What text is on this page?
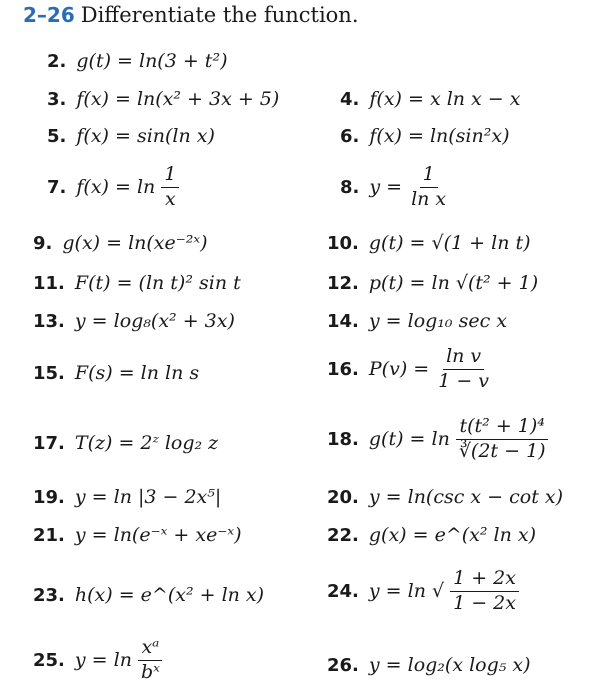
2–26 Differentiate the function.
2. g(t) = ln(3 + t²)
3. f(x) = ln(x² + 3x + 5)
5. f(x) = sin(ln x)
7. $f(x) = \ln \frac{1}{x}$
9. g(x) = ln(xe⁻²ˣ)
11. F(t) = (ln t)² sin t
13. y = log₈(x² + 3x)
15. F(s) = ln ln s
17. T(z) = 2ᶻ log₂ z
19. y = ln |3 − 2x⁵|
21. y = ln(e⁻ˣ + xe⁻ˣ)
23. h(x) = e^(x² + ln x)
25. $y = \ln \frac{\text{xᵃ}}{\text{bˣ}}$
4. f(x) = x ln x − x
6. f(x) = ln(sin²x)
8. $y = \frac{1}{\text{ln x}}$
10. g(t) = √(1 + ln t)
12. p(t) = ln √(t² + 1)
14. y = log₁₀ sec x
16. $P(v) = \frac{\text{ln v}}{1 - v}$
18. $g(t) = \ln \frac{\text{t(t² + 1)⁴}}{∛(2t - 1)}$
20. y = ln(csc x − cot x)
22. g(x) = e^(x² ln x)
24. y = ln √ $\frac{1 + 2x}{1 - 2x}$
26. y = log₂(x log₅ x)
